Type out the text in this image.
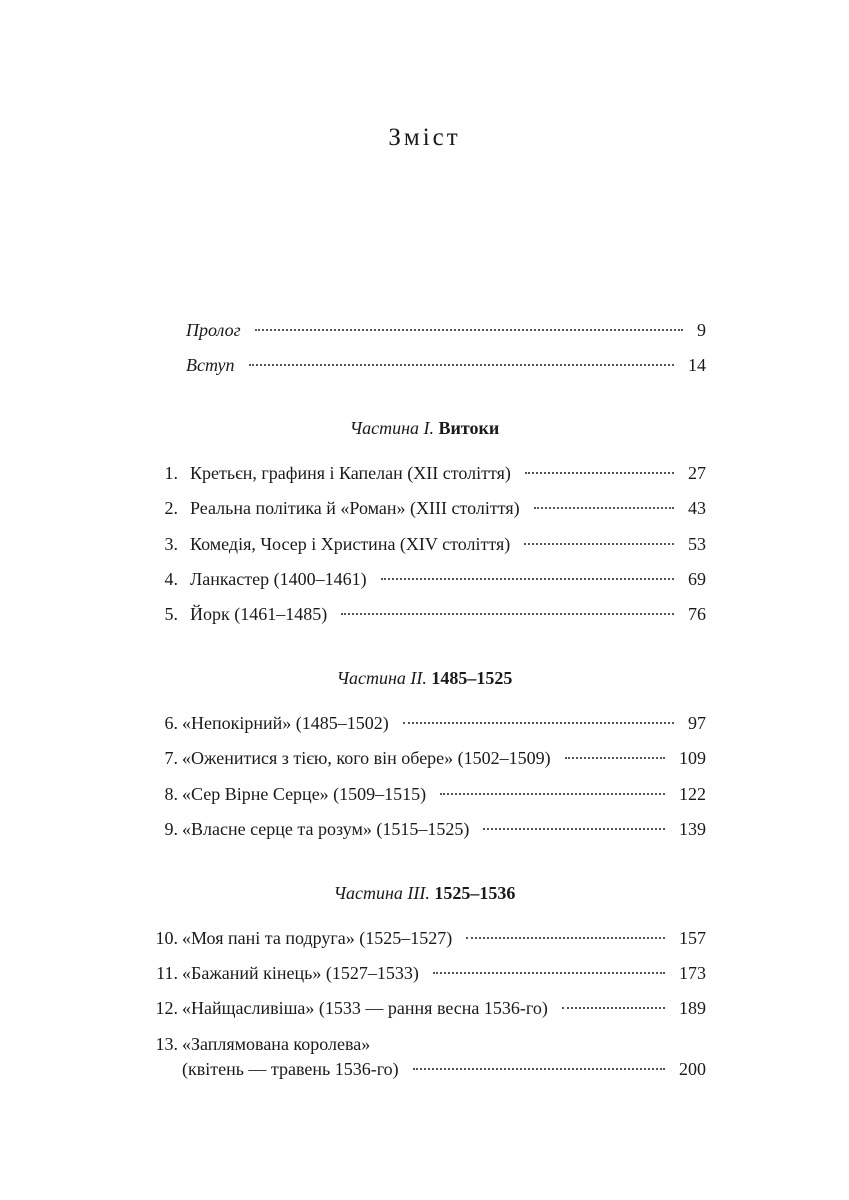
Зміст
Пролог	9
Вступ	14
Частина I. Витоки
1. Кретьєн, графиня і Капелан (XII століття)	27
2. Реальна політика й «Роман» (XIII століття)	43
3. Комедія, Чосер і Христина (XIV століття)	53
4. Ланкастер (1400–1461)	69
5. Йорк (1461–1485)	76
Частина II. 1485–1525
6. «Непокірний» (1485–1502)	97
7. «Оженитися з тією, кого він обере» (1502–1509)	109
8. «Сер Вірне Серце» (1509–1515)	122
9. «Власне серце та розум» (1515–1525)	139
Частина III. 1525–1536
10. «Моя пані та подруга» (1525–1527)	157
11. «Бажаний кінець» (1527–1533)	173
12. «Найщасливіша» (1533 — рання весна 1536-го)	189
13. «Заплямована королева»
(квітень — травень 1536-го)	200
